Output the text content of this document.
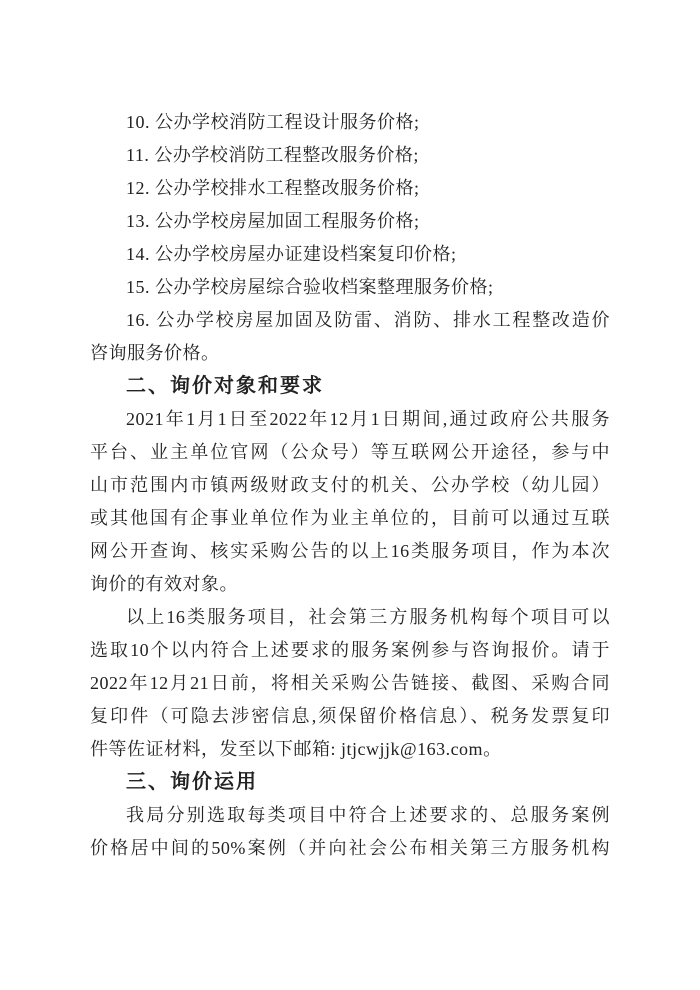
10. 公办学校消防工程设计服务价格;
11. 公办学校消防工程整改服务价格;
12. 公办学校排水工程整改服务价格;
13. 公办学校房屋加固工程服务价格;
14. 公办学校房屋办证建设档案复印价格;
15. 公办学校房屋综合验收档案整理服务价格;
16. 公办学校房屋加固及防雷、消防、排水工程整改造价
咨询服务价格。
二、询价对象和要求
2021年1月1日至2022年12月1日期间,通过政府公共服务
平台、业主单位官网（公众号）等互联网公开途径，参与中
山市范围内市镇两级财政支付的机关、公办学校（幼儿园）
或其他国有企事业单位作为业主单位的，目前可以通过互联
网公开查询、核实采购公告的以上16类服务项目，作为本次
询价的有效对象。
以上16类服务项目，社会第三方服务机构每个项目可以
选取10个以内符合上述要求的服务案例参与咨询报价。请于
2022年12月21日前，将相关采购公告链接、截图、采购合同
复印件（可隐去涉密信息,须保留价格信息）、税务发票复印
件等佐证材料，发至以下邮箱: jtjcwjjk@163.com。
三、询价运用
我局分别选取每类项目中符合上述要求的、总服务案例
价格居中间的50%案例（并向社会公布相关第三方服务机构
